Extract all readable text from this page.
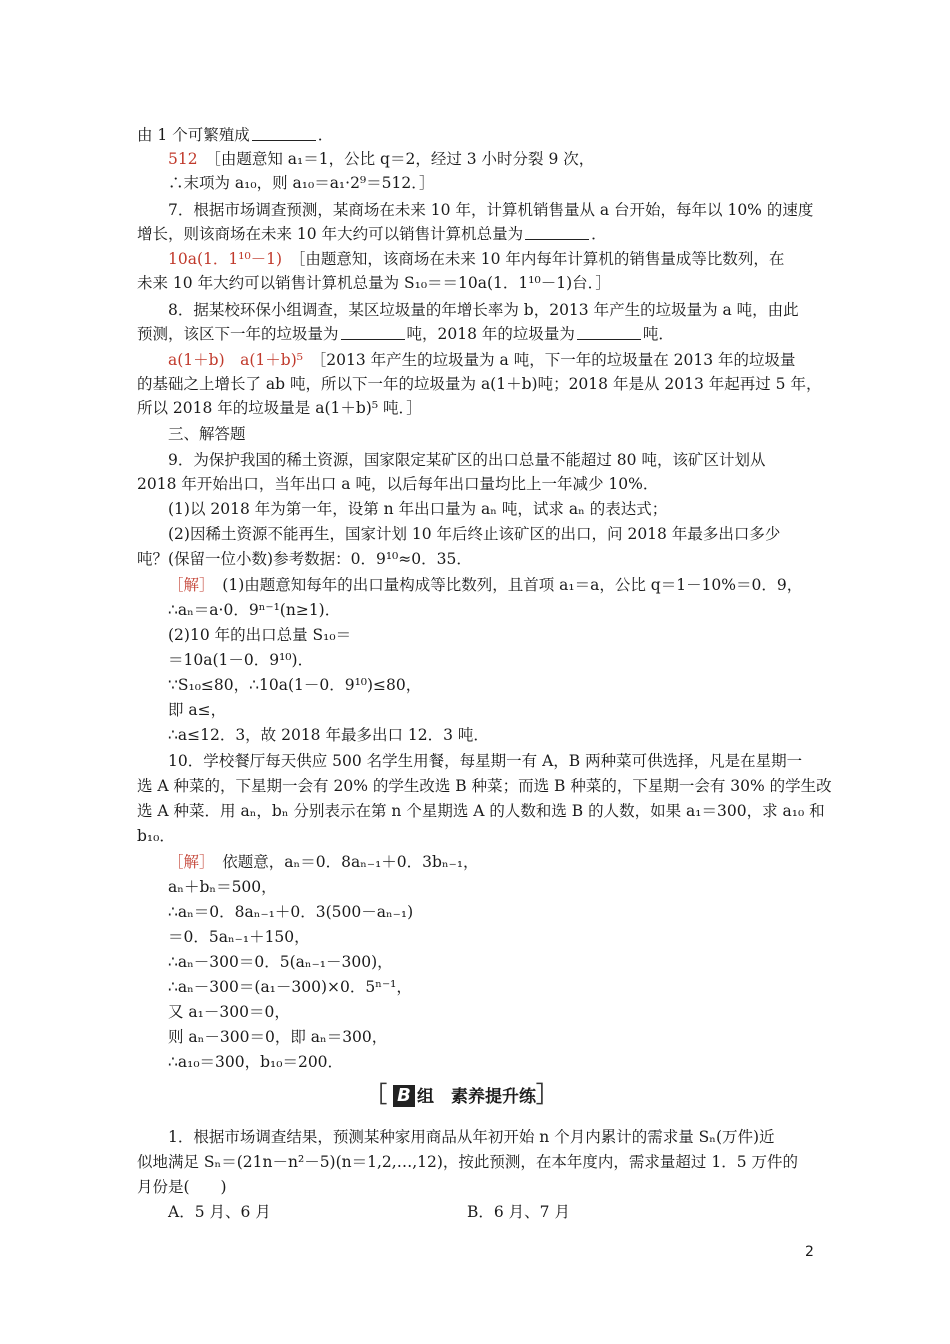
由 1 个可繁殖成	．
512　 ［由题意知 a₁＝1，公比 q＝2，经过 3 小时分裂 9 次，
∴末项为 a₁₀，则 a₁₀＝a₁·2⁹＝512．］
7．根据市场调查预测，某商场在未来 10 年，计算机销售量从 a 台开始，每年以 10% 的速度
增长，则该商场在未来 10 年大约可以销售计算机总量为	．
10a(1．1¹⁰－1)　 ［由题意知，该商场在未来 10 年内每年计算机的销售量成等比数列，在
未来 10 年大约可以销售计算机总量为 S₁₀＝＝10a(1．1¹⁰－1)台．］
8．据某校环保小组调查，某区垃圾量的年增长率为 b，2013 年产生的垃圾量为 a 吨，由此
预测，该区下一年的垃圾量为	吨，2018 年的垃圾量为	吨．
a(1＋b)　 a(1＋b)⁵　 ［2013 年产生的垃圾量为 a 吨，下一年的垃圾量在 2013 年的垃圾量
的基础之上增长了 ab 吨，所以下一年的垃圾量为 a(1＋b)吨；2018 年是从 2013 年起再过 5 年，
所以 2018 年的垃圾量是 a(1＋b)⁵ 吨．］
三、解答题
9．为保护我国的稀土资源，国家限定某矿区的出口总量不能超过 80 吨，该矿区计划从
2018 年开始出口，当年出口 a 吨，以后每年出口量均比上一年减少 10%．
(1)以 2018 年为第一年，设第 n 年出口量为 aₙ 吨，试求 aₙ 的表达式；
(2)因稀土资源不能再生，国家计划 10 年后终止该矿区的出口，问 2018 年最多出口多少
吨？(保留一位小数)参考数据：0．9¹⁰≈0．35．
［解］　 (1)由题意知每年的出口量构成等比数列，且首项 a₁＝a，公比 q＝1－10%＝0．9，
∴aₙ＝a·0．9ⁿ⁻¹(n≥1)．
(2)10 年的出口总量 S₁₀＝
＝10a(1－0．9¹⁰)．
∵S₁₀≤80，∴10a(1－0．9¹⁰)≤80，
即 a≤，
∴a≤12．3，故 2018 年最多出口 12．3 吨．
10．学校餐厅每天供应 500 名学生用餐，每星期一有 A，B 两种菜可供选择，凡是在星期一
选 A 种菜的，下星期一会有 20% 的学生改选 B 种菜；而选 B 种菜的，下星期一会有 30% 的学生改
选 A 种菜．用 aₙ，bₙ 分别表示在第 n 个星期选 A 的人数和选 B 的人数，如果 a₁＝300，求 a₁₀ 和
b₁₀．
［解］　 依题意，aₙ＝0．8aₙ₋₁＋0．3bₙ₋₁，
aₙ＋bₙ＝500，
∴aₙ＝0．8aₙ₋₁＋0．3(500－aₙ₋₁)
＝0．5aₙ₋₁＋150，
∴aₙ－300＝0．5(aₙ₋₁－300)，
∴aₙ－300＝(a₁－300)×0．5ⁿ⁻¹，
又 a₁－300＝0，
则 aₙ－300＝0，即 aₙ＝300，
∴a₁₀＝300，b₁₀＝200．
［ B 组　素养提升练］
1．根据市场调查结果，预测某种家用商品从年初开始 n 个月内累计的需求量 Sₙ(万件)近
似地满足 Sₙ＝(21n－n²－5)(n＝1,2,…,12)，按此预测，在本年度内，需求量超过 1．5 万件的
月份是(　　)
A．5 月、6 月	B．6 月、7 月
2
